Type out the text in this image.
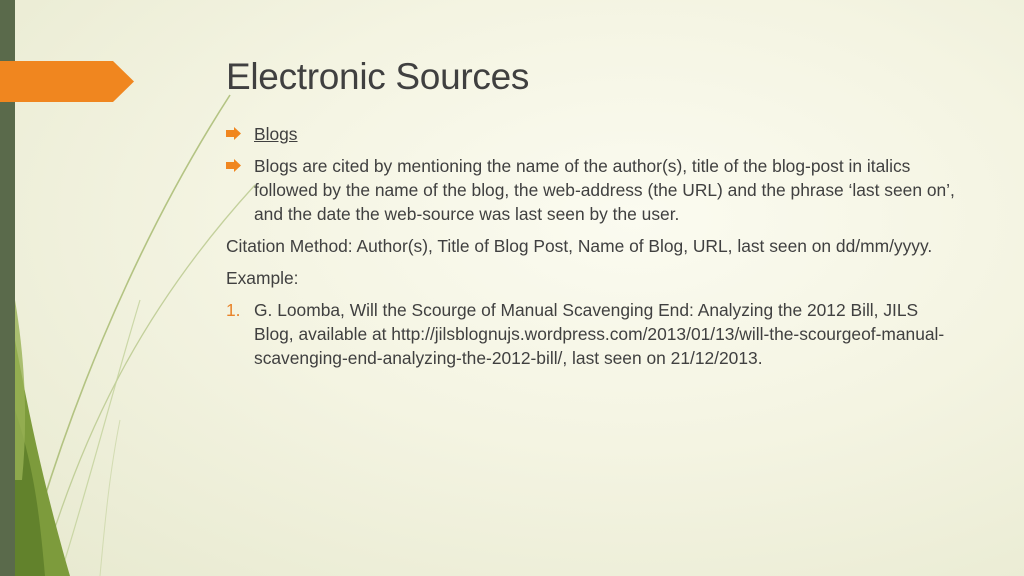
Electronic Sources
Blogs
Blogs are cited by mentioning the name of the author(s), title of the blog-post in italics followed by the name of the blog, the web-address (the URL) and the phrase ‘last seen on’, and the date the web-source was last seen by the user.

Citation Method: Author(s), Title of Blog Post, Name of Blog, URL, last seen on dd/mm/yyyy.

Example:

1. G. Loomba, Will the Scourge of Manual Scavenging End: Analyzing the 2012 Bill, JILS Blog, available at http://jilsblognujs.wordpress.com/2013/01/13/will-the-scourgeof-manual-scavenging-end-analyzing-the-2012-bill/, last seen on 21/12/2013.
